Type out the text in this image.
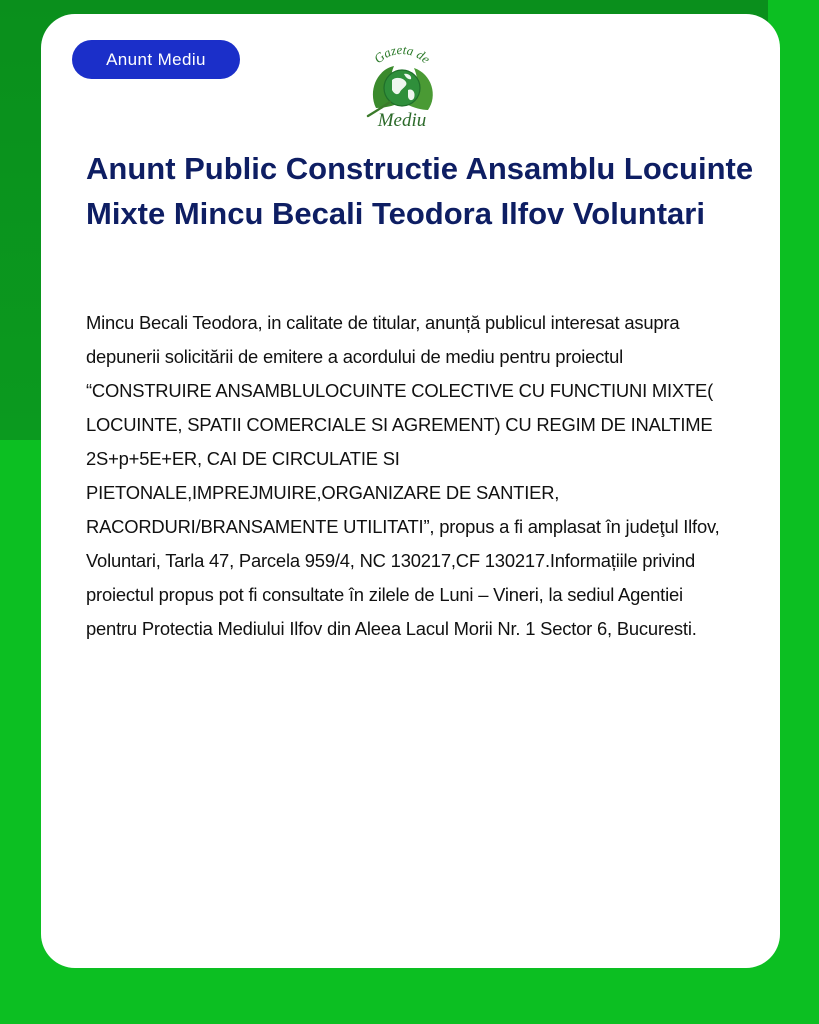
Anunt Mediu	Gazeta de
Mediu
Anunt Public Constructie Ansamblu Locuinte Mixte Mincu Becali Teodora Ilfov Voluntari

Mincu Becali Teodora, in calitate de titular, anunță publicul interesat asupra depunerii solicitării de emitere a acordului de mediu pentru proiectul “CONSTRUIRE ANSAMBLULOCUINTE COLECTIVE CU FUNCTIUNI MIXTE( LOCUINTE, SPATII COMERCIALE SI AGREMENT) CU REGIM DE INALTIME 2S+p+5E+ER, CAI DE CIRCULATIE SI PIETONALE,IMPREJMUIRE,ORGANIZARE DE SANTIER, RACORDURI/BRANSAMENTE UTILITATI”, propus a fi amplasat în judeţul Ilfov, Voluntari, Tarla 47, Parcela 959/4, NC 130217,CF 130217.Informațiile privind proiectul propus pot fi consultate în zilele de Luni – Vineri, la sediul Agentiei pentru Protectia Mediului Ilfov din Aleea Lacul Morii Nr. 1 Sector 6, Bucuresti.
